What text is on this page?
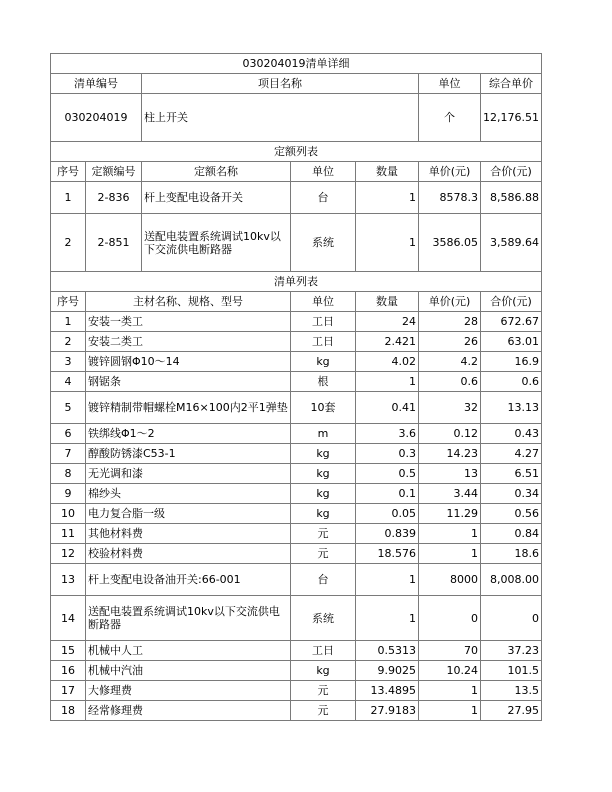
030204019清单详细						
清单编号		项目名称			单位	综合单价
030204019		柱上开关			个	12,176.51
定额列表						
序号	定额编号	定额名称	单位	数量	单价(元)	合价(元)
1	2-836	杆上变配电设备开关	台	1	8578.3	8,586.88
2	2-851	送配电装置系统调试10kv以下交流供电断路器	系统	1	3586.05	3,589.64
清单列表						
序号	主材名称、规格、型号		单位	数量	单价(元)	合价(元)
1	安装一类工		工日	24	28	672.67
2	安装二类工		工日	2.421	26	63.01
3	镀锌圆钢Φ10～14		kg	4.02	4.2	16.9
4	钢锯条		根	1	0.6	0.6
5	镀锌精制带帽螺栓M16×100内2平1弹垫		10套	0.41	32	13.13
6	铁绑线Φ1～2		m	3.6	0.12	0.43
7	醇酸防锈漆C53-1		kg	0.3	14.23	4.27
8	无光调和漆		kg	0.5	13	6.51
9	棉纱头		kg	0.1	3.44	0.34
10	电力复合脂一级		kg	0.05	11.29	0.56
11	其他材料费		元	0.839	1	0.84
12	校验材料费		元	18.576	1	18.6
13	杆上变配电设备油开关:66-001		台	1	8000	8,008.00
14	送配电装置系统调试10kv以下交流供电断路器		系统	1	0	0
15	机械中人工		工日	0.5313	70	37.23
16	机械中汽油		kg	9.9025	10.24	101.5
17	大修理费		元	13.4895	1	13.5
18	经常修理费		元	27.9183	1	27.95
